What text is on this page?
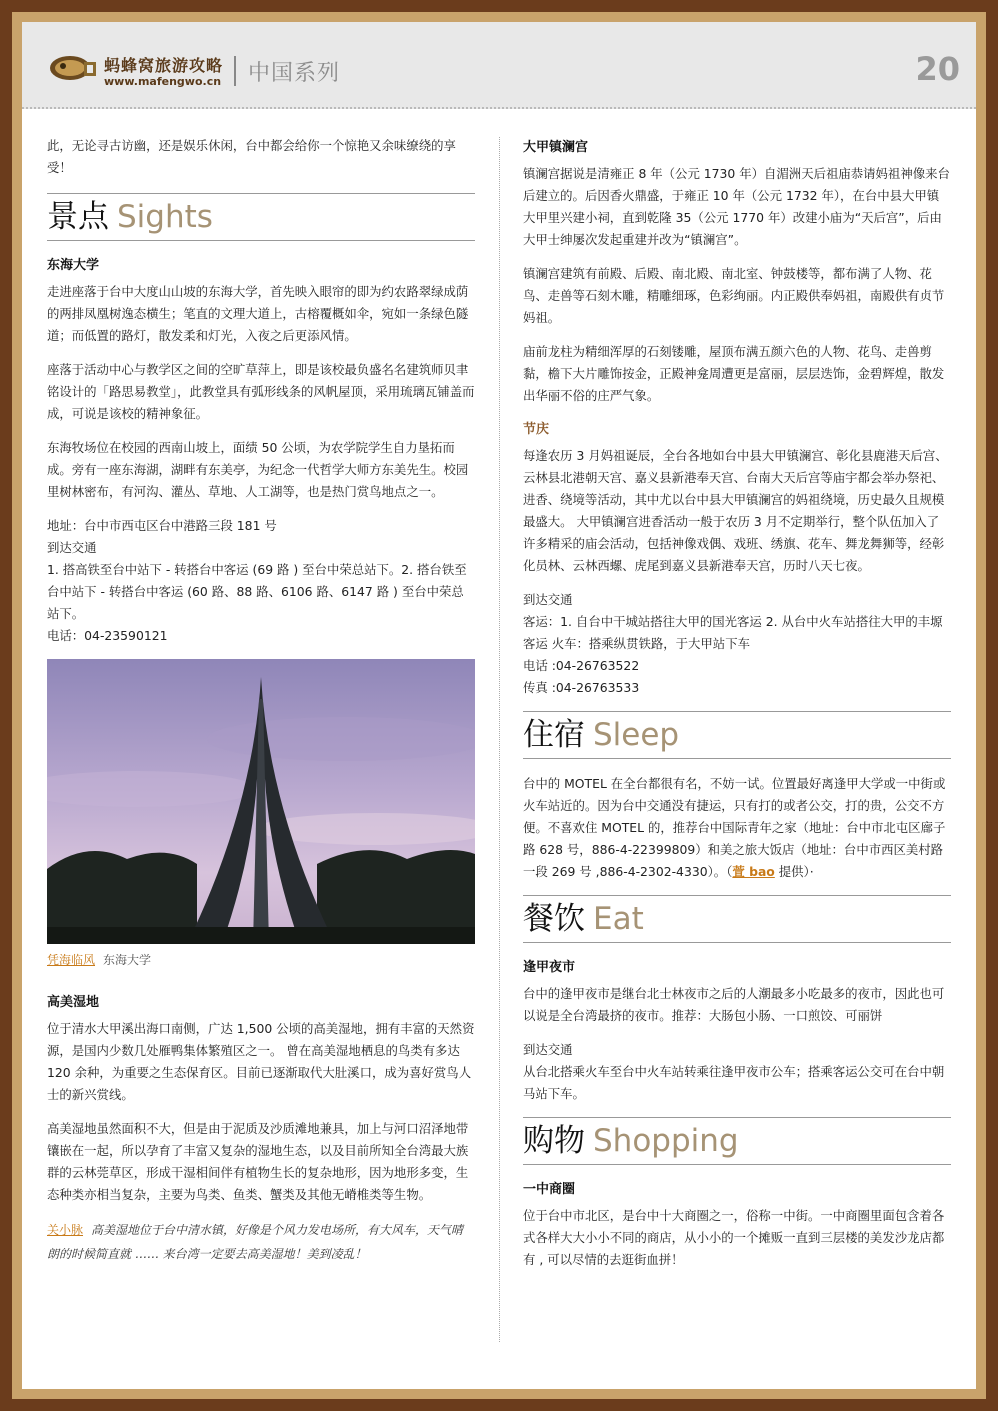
蚂蜂窝旅游攻略
www.mafengwo.cn 中国系列	20

此，无论寻古访幽，还是娱乐休闲，台中都会给你一个惊艳又余味缭绕的享受！

景点 Sights
东海大学

走进座落于台中大度山山坡的东海大学，首先映入眼帘的即为约农路翠绿成荫的两排凤凰树逸态横生；笔直的文理大道上，古榕覆概如伞，宛如一条绿色隧道；而低置的路灯，散发柔和灯光，入夜之后更添风情。

座落于活动中心与教学区之间的空旷草萍上，即是该校最负盛名名建筑师贝聿铭设计的「路思易教堂」，此教堂具有弧形线条的风帆屋顶，采用琉璃瓦铺盖而成，可说是该校的精神象征。

东海牧场位在校园的西南山坡上，面绩 50 公顷，为农学院学生自力垦拓而成。旁有一座东海湖，湖畔有东美亭，为纪念一代哲学大师方东美先生。校园里树林密布，有河沟、灌丛、草地、人工湖等，也是热门赏鸟地点之一。

地址：台中市西屯区台中港路三段 181 号

到达交通

1. 搭高铁至台中站下 - 转搭台中客运 (69 路 ) 至台中荣总站下。2. 搭台铁至台中站下 - 转搭台中客运 (60 路、88 路、6106 路、6147 路 ) 至台中荣总站下。

电话：04-23590121

凭海临风 东海大学
高美湿地

位于清水大甲溪出海口南侧，广达 1,500 公顷的高美湿地，拥有丰富的天然资源，是国内少数几处雁鸭集体繁殖区之一。 曾在高美湿地栖息的鸟类有多达 120 余种，为重要之生态保育区。目前已逐渐取代大肚溪口，成为喜好赏鸟人士的新兴赏线。

高美湿地虽然面积不大，但是由于泥质及沙质滩地兼具，加上与河口沼泽地带镶嵌在一起，所以孕育了丰富又复杂的湿地生态，以及目前所知全台湾最大族群的云林莞草区，形成干湿相间伴有植物生长的复杂地形，因为地形多变，生态种类亦相当复杂，主要为鸟类、鱼类、蟹类及其他无嵴椎类等生物。

关小脉 高美湿地位于台中清水镇，好像是个风力发电场所，有大风车，天气晴朗的时候简直就 …… 来台湾一定要去高美湿地！美到凌乱！

大甲镇澜宫

镇澜宫据说是清雍正 8 年（公元 1730 年）自湄洲天后祖庙恭请妈祖神像来台后建立的。后因香火鼎盛，于雍正 10 年（公元 1732 年），在台中县大甲镇大甲里兴建小祠，直到乾隆 35（公元 1770 年）改建小庙为“天后宫”，后由大甲士绅屡次发起重建并改为“镇澜宫”。

镇澜宫建筑有前殿、后殿、南北殿、南北室、钟鼓楼等，都布满了人物、花鸟、走兽等石刻木雕，精雕细琢，色彩绚丽。内正殿供奉妈祖，南殿供有贞节妈祖。

庙前龙柱为精细浑厚的石刻镂雕，屋顶布满五颜六色的人物、花鸟、走兽剪黏，檐下大片雕饰按金，正殿神龛周遭更是富丽，层层迭饰，金碧辉煌，散发出华丽不俗的庄严气象。

节庆

每逢农历 3 月妈祖诞辰，全台各地如台中县大甲镇澜宫、彰化县鹿港天后宫、云林县北港朝天宫、嘉义县新港奉天宫、台南大天后宫等庙宇都会举办祭祀、进香、绕境等活动，其中尤以台中县大甲镇澜宫的妈祖绕境，历史最久且规模最盛大。 大甲镇澜宫进香活动一般于农历 3 月不定期举行，整个队伍加入了许多精采的庙会活动，包括神像戏偶、戏班、绣旗、花车、舞龙舞狮等，经彰化员林、云林西螺、虎尾到嘉义县新港奉天宫，历时八天七夜。

到达交通

客运：1. 自台中干城站搭往大甲的国光客运 2. 从台中火车站搭往大甲的丰塬客运 火车：搭乘纵贯铁路，于大甲站下车

电话 :04-26763522

传真 :04-26763533

住宿 Sleep

台中的 MOTEL 在全台都很有名，不妨一试。位置最好离逢甲大学或一中街或火车站近的。因为台中交通没有捷运，只有打的或者公交，打的贵，公交不方便。不喜欢住 MOTEL 的，推荐台中国际青年之家（地址：台中市北屯区廍子路 628 号，886-4-22399809）和美之旅大饭店（地址：台中市西区美村路一段 269 号 ,886-4-2302-4330）。（萱 bao 提供）·

餐饮 Eat
逢甲夜市

台中的逢甲夜市是继台北士林夜市之后的人潮最多小吃最多的夜市，因此也可以说是全台湾最挤的夜市。推荐：大肠包小肠、一口煎饺、可丽饼

到达交通

从台北搭乘火车至台中火车站转乘往逢甲夜市公车；搭乘客运公交可在台中朝马站下车。

购物 Shopping
一中商圈

位于台中市北区，是台中十大商圈之一，俗称一中街。一中商圈里面包含着各式各样大大小小不同的商店，从小小的一个摊贩一直到三层楼的美发沙龙店都有 , 可以尽情的去逛街血拼！
